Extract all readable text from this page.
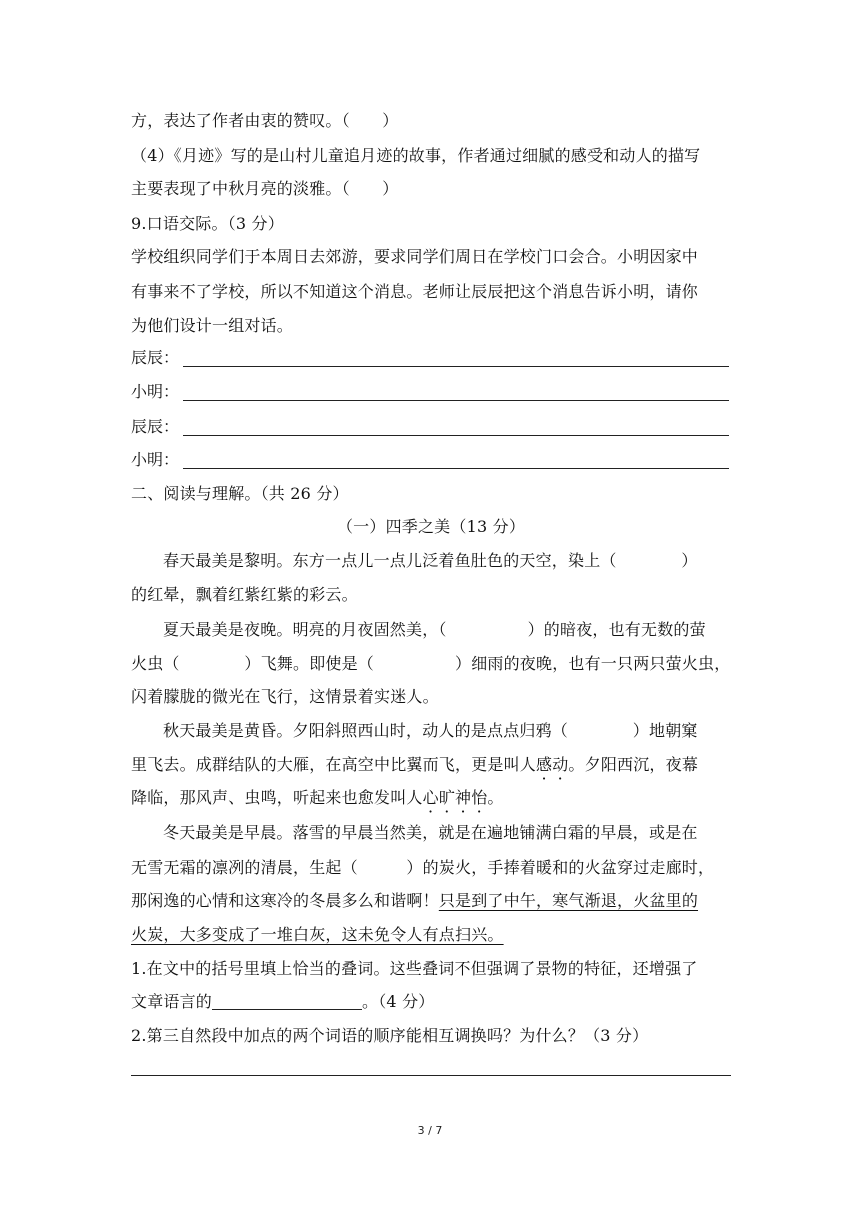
方，表达了作者由衷的赞叹。（　　）
（4）《月迹》写的是山村儿童追月迹的故事，作者通过细腻的感受和动人的描写
主要表现了中秋月亮的淡雅。（　　）
9.口语交际。（3 分）
学校组织同学们于本周日去郊游，要求同学们周日在学校门口会合。小明因家中
有事来不了学校，所以不知道这个消息。老师让辰辰把这个消息告诉小明，请你
为他们设计一组对话。
辰辰：
小明：
辰辰：
小明：
二、阅读与理解。（共 26 分）
（一）四季之美（13 分）
春天最美是黎明。东方一点儿一点儿泛着鱼肚色的天空，染上（　　　　）
的红晕，飘着红紫红紫的彩云。
夏天最美是夜晚。明亮的月夜固然美，（　　　　　）的暗夜，也有无数的萤
火虫（　　　　）飞舞。即使是（　　　　　）细雨的夜晚，也有一只两只萤火虫，
闪着朦胧的微光在飞行，这情景着实迷人。
秋天最美是黄昏。夕阳斜照西山时，动人的是点点归鸦（　　　　）地朝窠
里飞去。成群结队的大雁，在高空中比翼而飞，更是叫人感动。夕阳西沉，夜幕
降临，那风声、虫鸣，听起来也愈发叫人心旷神怡。
冬天最美是早晨。落雪的早晨当然美，就是在遍地铺满白霜的早晨，或是在
无雪无霜的凛冽的清晨，生起（　　　）的炭火，手捧着暖和的火盆穿过走廊时，
那闲逸的心情和这寒冷的冬晨多么和谐啊！只是到了中午，寒气渐退，火盆里的
火炭，大多变成了一堆白灰，这未免令人有点扫兴。
1.在文中的括号里填上恰当的叠词。这些叠词不但强调了景物的特征，还增强了
文章语言的	。（4 分）
2.第三自然段中加点的两个词语的顺序能相互调换吗？为什么？（3 分）
3 / 7
